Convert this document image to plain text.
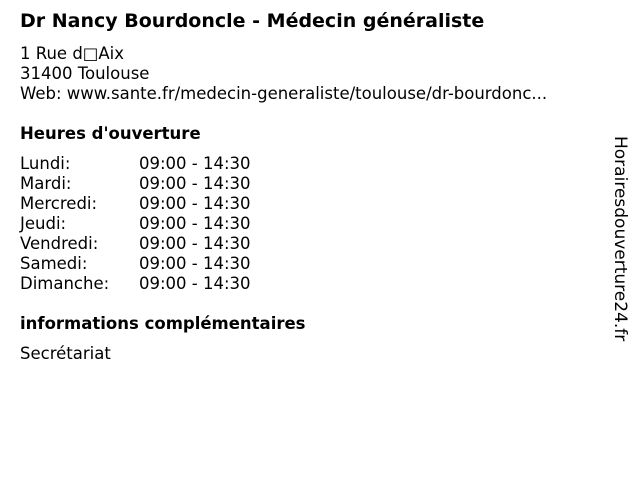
Dr Nancy Bourdoncle - Médecin généraliste
1 Rue d□Aix
31400 Toulouse
Web: www.sante.fr/medecin-generaliste/toulouse/dr-bourdonc...
Heures d'ouverture
Lundi:	09:00 - 14:30
Mardi:	09:00 - 14:30
Mercredi:	09:00 - 14:30
Jeudi:	09:00 - 14:30
Vendredi: 09:00 - 14:30
Samedi:	09:00 - 14:30
Dimanche: 09:00 - 14:30
informations complémentaires
Secrétariat
Horairesdouverture24.fr
